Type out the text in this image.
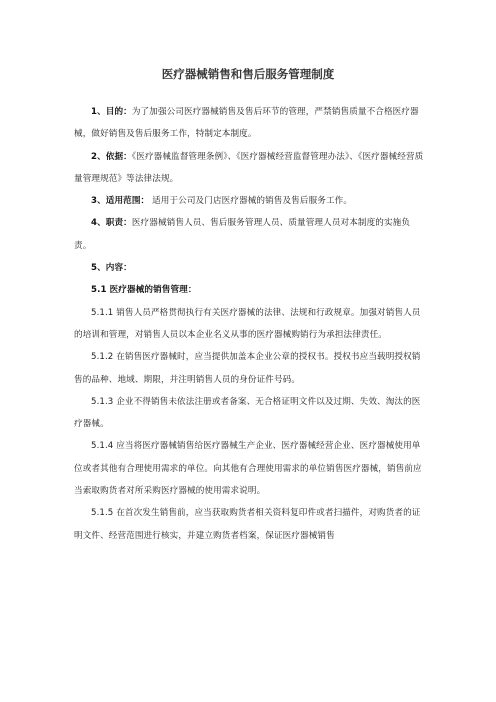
医疗器械销售和售后服务管理制度

1、目的：为了加强公司医疗器械销售及售后环节的管理，严禁销售质量不合格医疗器械，做好销售及售后服务工作，特制定本制度。

2、依据：《医疗器械监督管理条例》、《医疗器械经营监督管理办法》、《医疗器械经营质量管理规范》等法律法规。

3、适用范围： 适用于公司及门店医疗器械的销售及售后服务工作。

4、职责：医疗器械销售人员、售后服务管理人员、质量管理人员对本制度的实施负责。

5、内容：

5.1 医疗器械的销售管理：

5.1.1 销售人员严格贯彻执行有关医疗器械的法律、法规和行政规章。加强对销售人员的培训和管理，对销售人员以本企业名义从事的医疗器械购销行为承担法律责任。

5.1.2 在销售医疗器械时，应当提供加盖本企业公章的授权书。授权书应当载明授权销售的品种、地域、期限，并注明销售人员的身份证件号码。

5.1.3 企业不得销售未依法注册或者备案、无合格证明文件以及过期、失效、淘汰的医疗器械。

5.1.4 应当将医疗器械销售给医疗器械生产企业、医疗器械经营企业、医疗器械使用单位或者其他有合理使用需求的单位。向其他有合理使用需求的单位销售医疗器械，销售前应当索取购货者对所采购医疗器械的使用需求说明。

5.1.5 在首次发生销售前，应当获取购货者相关资料复印件或者扫描件，对购货者的证明文件、经营范围进行核实，并建立购货者档案，保证医疗器械销售
